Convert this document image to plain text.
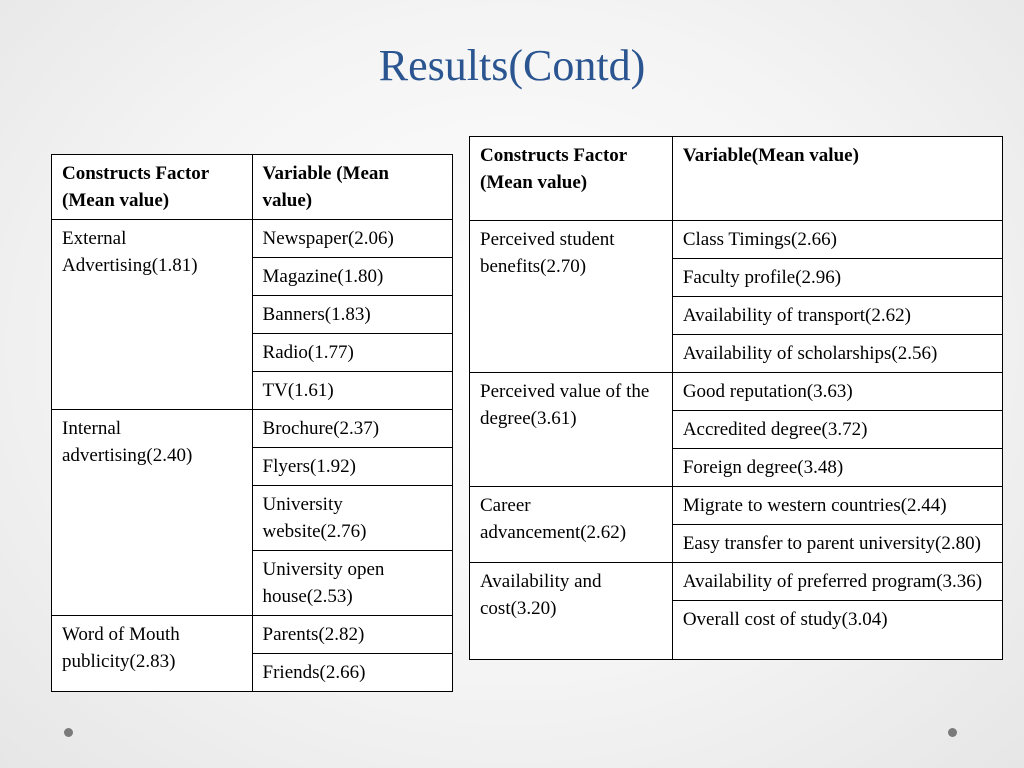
Results(Contd)
Constructs Factor (Mean value)	Variable (Mean value)
External Advertising(1.81)	Newspaper(2.06)
	Magazine(1.80)
	Banners(1.83)
	Radio(1.77)
	TV(1.61)
Internal advertising(2.40)	Brochure(2.37)
	Flyers(1.92)
	University website(2.76)
	University open house(2.53)
Word of Mouth publicity(2.83)	Parents(2.82)
	Friends(2.66)
Constructs Factor (Mean value)	Variable(Mean value)
Perceived student benefits(2.70)	Class Timings(2.66)
	Faculty profile(2.96)
	Availability of transport(2.62)
	Availability of scholarships(2.56)
Perceived value of the degree(3.61)	Good reputation(3.63)
	Accredited degree(3.72)
	Foreign degree(3.48)
Career advancement(2.62)	Migrate to western countries(2.44)
	Easy transfer to parent university(2.80)
Availability and cost(3.20)	Availability of preferred program(3.36)
	Overall cost of study(3.04)
